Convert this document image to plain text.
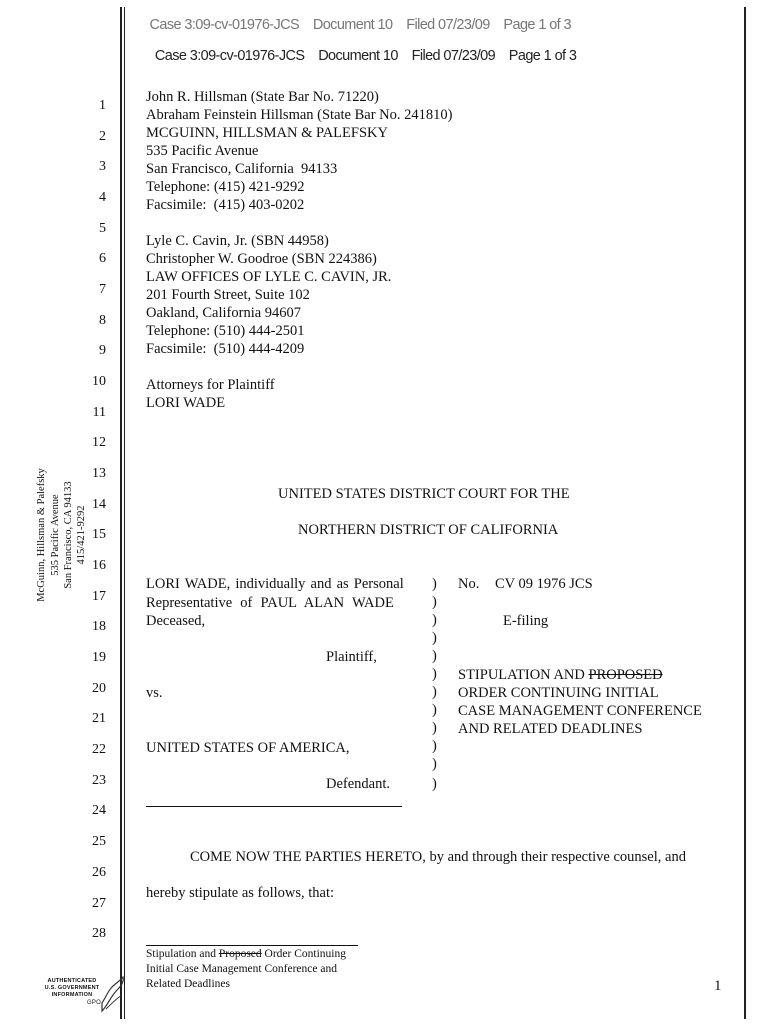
Case 3:09-cv-01976-JCS Document 10 Filed 07/23/09 Page 1 of 3

Case 3:09-cv-01976-JCS Document 10 Filed 07/23/09 Page 1 of 3

1
2
3
4
5
6
7
8
9
10
11
12
13
14
15
16
17
18
19
20
21
22
23
24
25
26
27
28
John R. Hillsman (State Bar No. 71220)
Abraham Feinstein Hillsman (State Bar No. 241810)
MCGUINN, HILLSMAN & PALEFSKY
535 Pacific Avenue
San Francisco, California  94133
Telephone: (415) 421-9292
Facsimile:  (415) 403-0202
Lyle C. Cavin, Jr. (SBN 44958)
Christopher W. Goodroe (SBN 224386)
LAW OFFICES OF LYLE C. CAVIN, JR.
201 Fourth Street, Suite 102
Oakland, California 94607
Telephone: (510) 444-2501
Facsimile:  (510) 444-4209
Attorneys for Plaintiff
LORI WADE
McGuinn, Hillsman & Palefsky 535 Pacific Avenue San Francisco, CA 94133 415/421-9292
UNITED STATES DISTRICT COURT FOR THE
NORTHERN DISTRICT OF CALIFORNIA
LORI WADE, individually and as Personal
Representative of PAUL ALAN WADE
Deceased,
Plaintiff,
vs.
UNITED STATES OF AMERICA,
Defendant.
)
)
)
)
)
)
)
)
)
)
)
)
No. CV 09 1976 JCS
E-filing
STIPULATION AND PROPOSED
ORDER CONTINUING INITIAL
CASE MANAGEMENT CONFERENCE
AND RELATED DEADLINES
COME NOW THE PARTIES HERETO, by and through their respective counsel, and
hereby stipulate as follows, that:
Stipulation and Proposed Order Continuing
Initial Case Management Conference and
Related Deadlines	1
AUTHENTICATED
U.S. GOVERNMENT
INFORMATION
GPO
